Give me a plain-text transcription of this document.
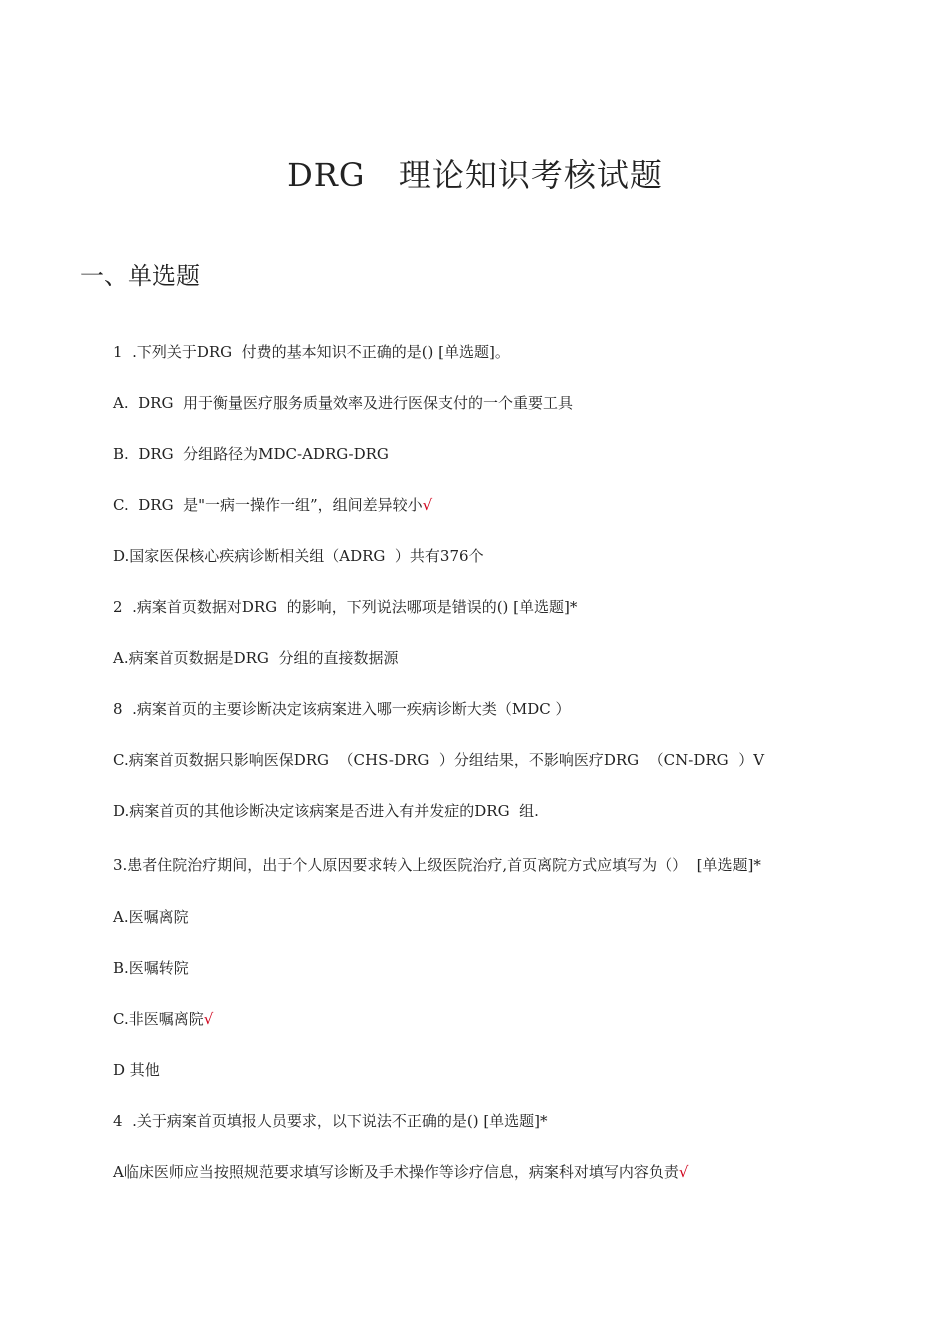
DRG   理论知识考核试题
一、单选题
1  .下列关于DRG  付费的基本知识不正确的是() [单选题]。
A.  DRG  用于衡量医疗服务质量效率及进行医保支付的一个重要工具
B.  DRG  分组路径为MDC-ADRG-DRG
C.  DRG  是"一病一操作一组”，组间差异较小√
D.国家医保核心疾病诊断相关组（ADRG  ）共有376个
2  .病案首页数据对DRG  的影响，下列说法哪项是错误的() [单选题]*
A.病案首页数据是DRG  分组的直接数据源
8  .病案首页的主要诊断决定该病案进入哪一疾病诊断大类（MDC ）
C.病案首页数据只影响医保DRG  （CHS-DRG  ）分组结果，不影响医疗DRG  （CN-DRG  ）V
D.病案首页的其他诊断决定该病案是否进入有并发症的DRG  组.
3.患者住院治疗期间，出于个人原因要求转入上级医院治疗,首页离院方式应填写为（）  [单选题]*
A.医嘱离院
B.医嘱转院
C.非医嘱离院√
D 其他
4  .关于病案首页填报人员要求，以下说法不正确的是() [单选题]*
A临床医师应当按照规范要求填写诊断及手术操作等诊疗信息，病案科对填写内容负责√
